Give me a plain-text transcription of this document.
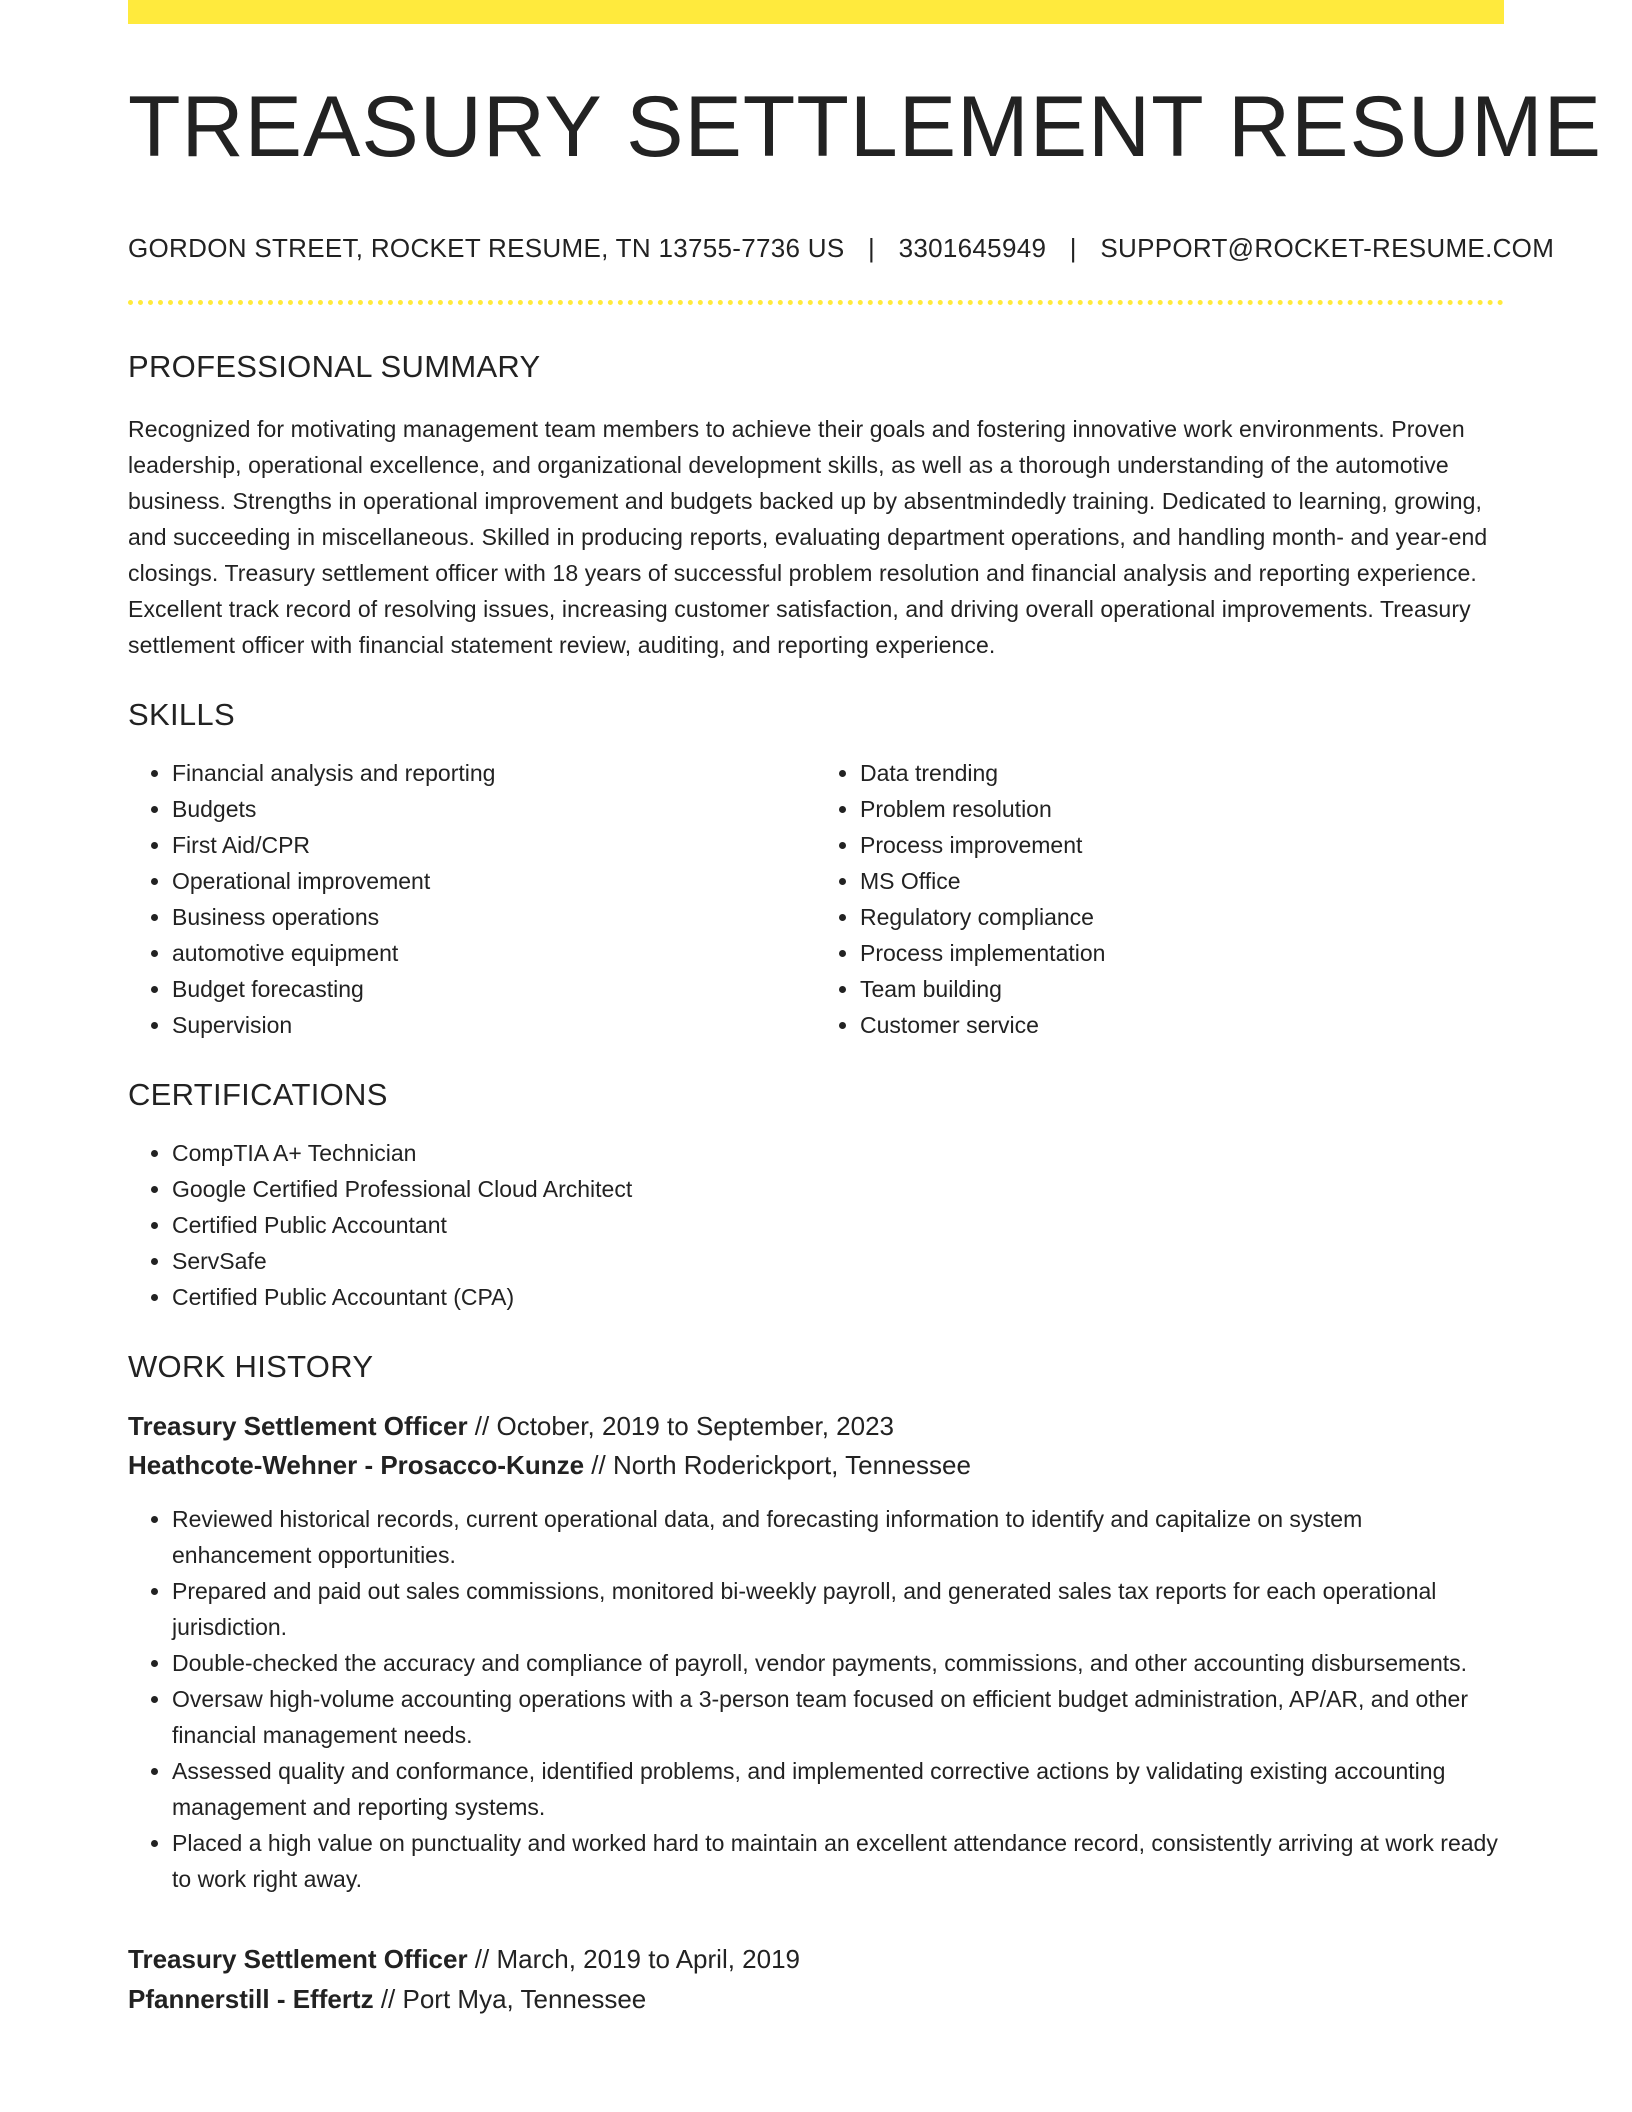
TREASURY SETTLEMENT RESUME
GORDON STREET, ROCKET RESUME, TN 13755-7736 US | 3301645949 | SUPPORT@ROCKET-RESUME.COM
PROFESSIONAL SUMMARY
Recognized for motivating management team members to achieve their goals and fostering innovative work environments. Proven leadership, operational excellence, and organizational development skills, as well as a thorough understanding of the automotive business. Strengths in operational improvement and budgets backed up by absentmindedly training. Dedicated to learning, growing, and succeeding in miscellaneous. Skilled in producing reports, evaluating department operations, and handling month- and year-end closings. Treasury settlement officer with 18 years of successful problem resolution and financial analysis and reporting experience. Excellent track record of resolving issues, increasing customer satisfaction, and driving overall operational improvements. Treasury settlement officer with financial statement review, auditing, and reporting experience.
SKILLS
• Financial analysis and reporting
• Budgets
• First Aid/CPR
• Operational improvement
• Business operations
• automotive equipment
• Budget forecasting
• Supervision
• Data trending
• Problem resolution
• Process improvement
• MS Office
• Regulatory compliance
• Process implementation
• Team building
• Customer service
CERTIFICATIONS
• CompTIA A+ Technician
• Google Certified Professional Cloud Architect
• Certified Public Accountant
• ServSafe
• Certified Public Accountant (CPA)
WORK HISTORY
Treasury Settlement Officer // October, 2019 to September, 2023
Heathcote-Wehner - Prosacco-Kunze // North Roderickport, Tennessee
• Reviewed historical records, current operational data, and forecasting information to identify and capitalize on system enhancement opportunities.
• Prepared and paid out sales commissions, monitored bi-weekly payroll, and generated sales tax reports for each operational jurisdiction.
• Double-checked the accuracy and compliance of payroll, vendor payments, commissions, and other accounting disbursements.
• Oversaw high-volume accounting operations with a 3-person team focused on efficient budget administration, AP/AR, and other financial management needs.
• Assessed quality and conformance, identified problems, and implemented corrective actions by validating existing accounting management and reporting systems.
• Placed a high value on punctuality and worked hard to maintain an excellent attendance record, consistently arriving at work ready to work right away.
Treasury Settlement Officer // March, 2019 to April, 2019
Pfannerstill - Effertz // Port Mya, Tennessee
